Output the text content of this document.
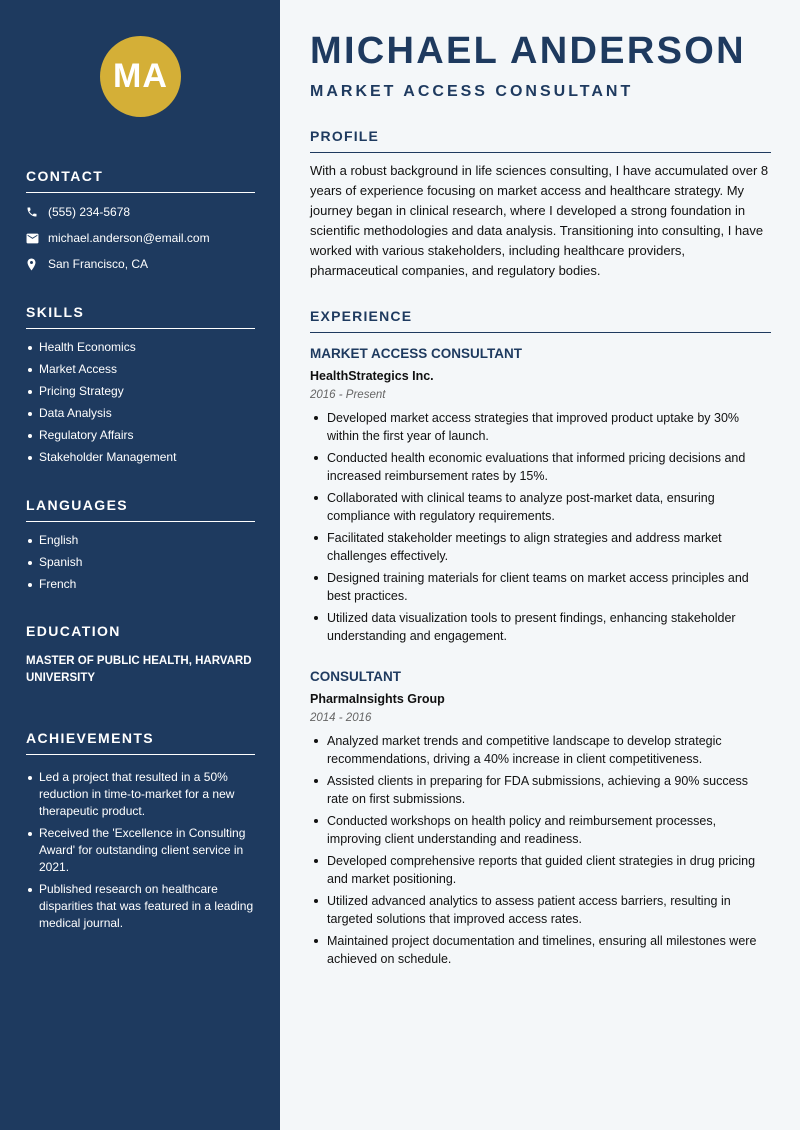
MA
CONTACT
(555) 234-5678
michael.anderson@email.com
San Francisco, CA
SKILLS
Health Economics
Market Access
Pricing Strategy
Data Analysis
Regulatory Affairs
Stakeholder Management
LANGUAGES
English
Spanish
French
EDUCATION
MASTER OF PUBLIC HEALTH, HARVARD UNIVERSITY
ACHIEVEMENTS
Led a project that resulted in a 50% reduction in time-to-market for a new therapeutic product.
Received the 'Excellence in Consulting Award' for outstanding client service in 2021.
Published research on healthcare disparities that was featured in a leading medical journal.
MICHAEL ANDERSON
MARKET ACCESS CONSULTANT
PROFILE

With a robust background in life sciences consulting, I have accumulated over 8 years of experience focusing on market access and healthcare strategy. My journey began in clinical research, where I developed a strong foundation in scientific methodologies and data analysis. Transitioning into consulting, I have worked with various stakeholders, including healthcare providers, pharmaceutical companies, and regulatory bodies.

EXPERIENCE
MARKET ACCESS CONSULTANT
HealthStrategics Inc.
2016 - Present
Developed market access strategies that improved product uptake by 30% within the first year of launch.
Conducted health economic evaluations that informed pricing decisions and increased reimbursement rates by 15%.
Collaborated with clinical teams to analyze post-market data, ensuring compliance with regulatory requirements.
Facilitated stakeholder meetings to align strategies and address market challenges effectively.
Designed training materials for client teams on market access principles and best practices.
Utilized data visualization tools to present findings, enhancing stakeholder understanding and engagement.
CONSULTANT
PharmaInsights Group
2014 - 2016
Analyzed market trends and competitive landscape to develop strategic recommendations, driving a 40% increase in client competitiveness.
Assisted clients in preparing for FDA submissions, achieving a 90% success rate on first submissions.
Conducted workshops on health policy and reimbursement processes, improving client understanding and readiness.
Developed comprehensive reports that guided client strategies in drug pricing and market positioning.
Utilized advanced analytics to assess patient access barriers, resulting in targeted solutions that improved access rates.
Maintained project documentation and timelines, ensuring all milestones were achieved on schedule.
